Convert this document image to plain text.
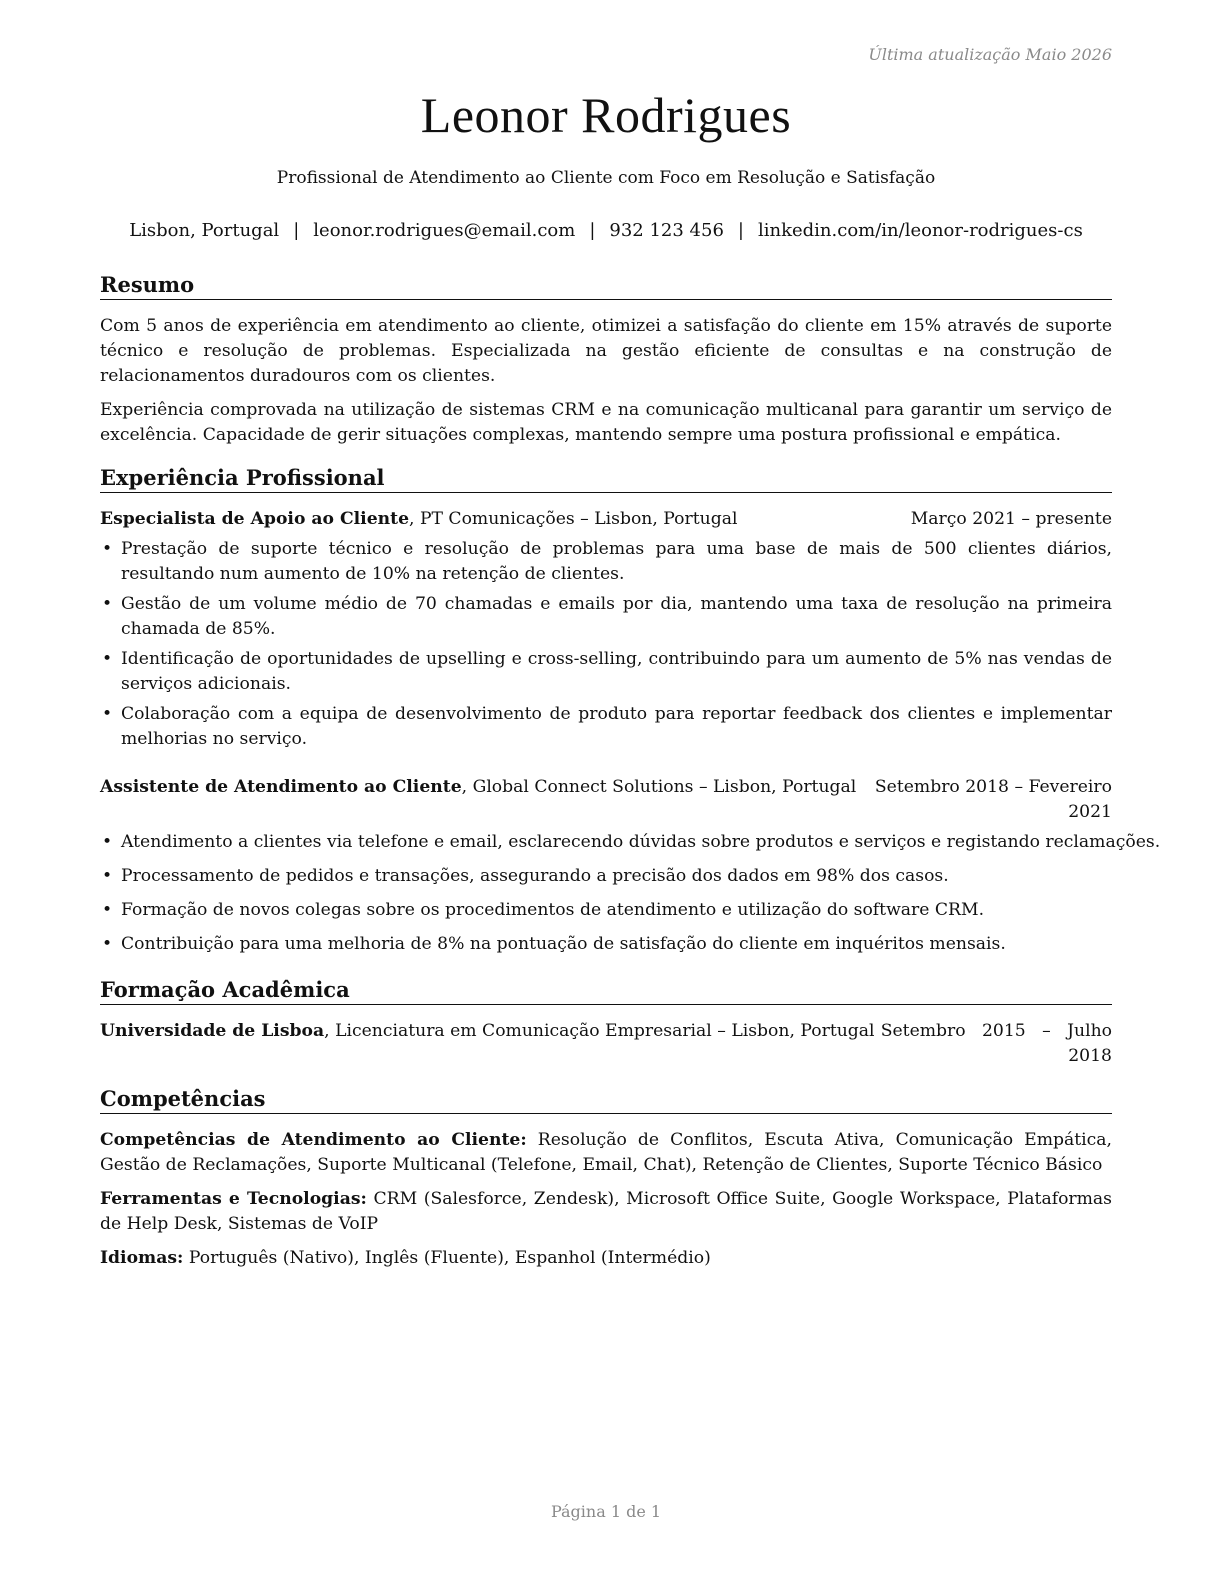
Última atualização Maio 2026
Leonor Rodrigues
Profissional de Atendimento ao Cliente com Foco em Resolução e Satisfação
Lisbon, Portugal | leonor.rodrigues@email.com | 932 123 456 | linkedin.com/in/leonor-rodrigues-cs
Resumo
Com 5 anos de experiência em atendimento ao cliente, otimizei a satisfação do cliente em 15% através de suporte técnico e resolução de problemas. Especializada na gestão eficiente de consultas e na construção de relacionamentos duradouros com os clientes.
Experiência comprovada na utilização de sistemas CRM e na comunicação multicanal para garantir um serviço de excelência. Capacidade de gerir situações complexas, mantendo sempre uma postura profissional e empática.
Experiência Profissional
Especialista de Apoio ao Cliente, PT Comunicações – Lisbon, Portugal	Março 2021 – presente
• Prestação de suporte técnico e resolução de problemas para uma base de mais de 500 clientes diários, resultando num aumento de 10% na retenção de clientes.
• Gestão de um volume médio de 70 chamadas e emails por dia, mantendo uma taxa de resolução na primeira chamada de 85%.
• Identificação de oportunidades de upselling e cross-selling, contribuindo para um aumento de 5% nas vendas de serviços adicionais.
• Colaboração com a equipa de desenvolvimento de produto para reportar feedback dos clientes e implementar melhorias no serviço.
Assistente de Atendimento ao Cliente, Global Connect Solutions – Lisbon, Portugal Setembro 2018 – Fevereiro
2021
• Atendimento a clientes via telefone e email, esclarecendo dúvidas sobre produtos e serviços e registando reclamações.
• Processamento de pedidos e transações, assegurando a precisão dos dados em 98% dos casos.
• Formação de novos colegas sobre os procedimentos de atendimento e utilização do software CRM.
• Contribuição para uma melhoria de 8% na pontuação de satisfação do cliente em inquéritos mensais.
Formação Acadêmica
Universidade de Lisboa, Licenciatura em Comunicação Empresarial – Lisbon, Portugal Setembro   2015   –   Julho
2018
Competências
Competências de Atendimento ao Cliente: Resolução de Conflitos, Escuta Ativa, Comunicação Empática, Gestão de Reclamações, Suporte Multicanal (Telefone, Email, Chat), Retenção de Clientes, Suporte Técnico Básico
Ferramentas e Tecnologias: CRM (Salesforce, Zendesk), Microsoft Office Suite, Google Workspace, Plataformas de Help Desk, Sistemas de VoIP
Idiomas: Português (Nativo), Inglês (Fluente), Espanhol (Intermédio)
Página 1 de 1
